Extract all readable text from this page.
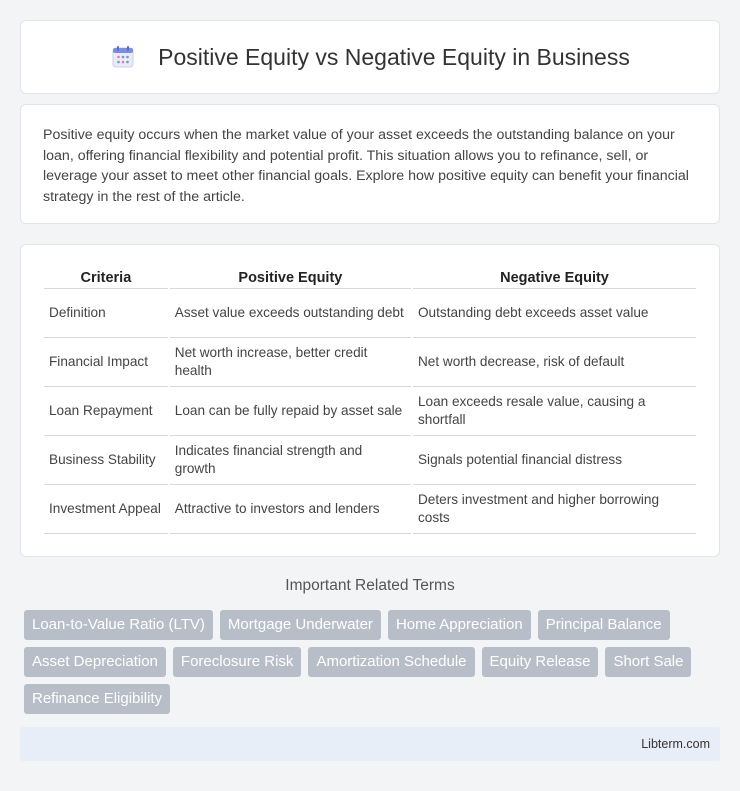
Positive Equity vs Negative Equity in Business

Positive equity occurs when the market value of your asset exceeds the outstanding balance on your loan, offering financial flexibility and potential profit. This situation allows you to refinance, sell, or leverage your asset to meet other financial goals. Explore how positive equity can benefit your financial strategy in the rest of the article.

Criteria	Positive Equity	Negative Equity
Definition	Asset value exceeds outstanding debt	Outstanding debt exceeds asset value
Financial Impact	Net worth increase, better credit health	Net worth decrease, risk of default
Loan Repayment	Loan can be fully repaid by asset sale	Loan exceeds resale value, causing a shortfall
Business Stability	Indicates financial strength and growth	Signals potential financial distress
Investment Appeal	Attractive to investors and lenders	Deters investment and higher borrowing costs
Important Related Terms
Loan-to-Value Ratio (LTV)	Mortgage Underwater	Home Appreciation	Principal Balance
Asset Depreciation	Foreclosure Risk	Amortization Schedule	Equity Release	Short Sale
Refinance Eligibility
Libterm.com
